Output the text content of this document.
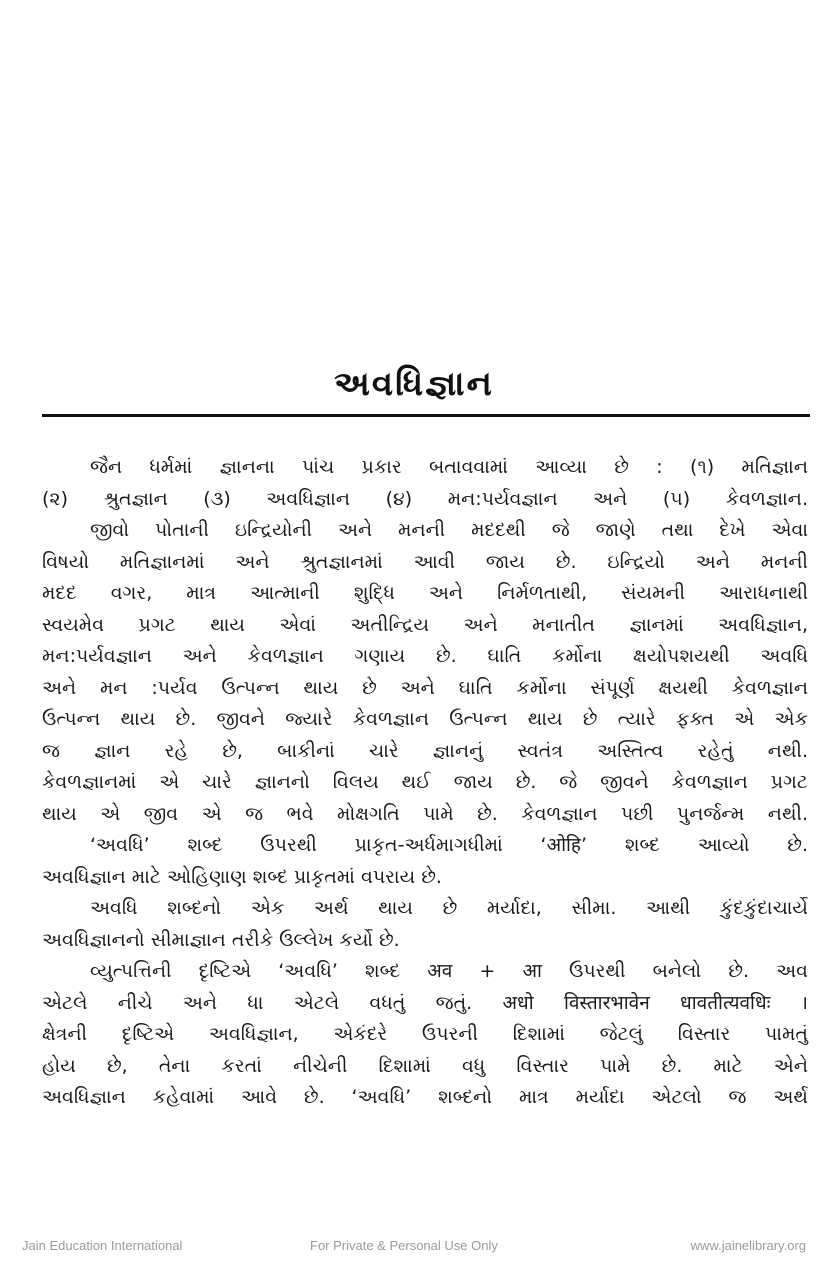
અવધિજ્ઞાન
જૈન ધર્મમાં જ્ઞાનના પાંચ પ્રકાર બતાવવામાં આવ્યા છે : (૧) મતિજ્ઞાન
(૨) શ્રુતજ્ઞાન (૩) અવધિજ્ઞાન (૪) મન:પર્યવજ્ઞાન અને (૫) કેવળજ્ઞાન.
જીવો પોતાની ઇન્દ્રિયોની અને મનની મદદથી જે જાણે તથા દેખે એવા
વિષયો મતિજ્ઞાનમાં અને શ્રુતજ્ઞાનમાં આવી જાય છે. ઇન્દ્રિયો અને મનની
મદદ વગર, માત્ર આત્માની શુદ્ધિ અને નિર્મળતાથી, સંયમની આરાધનાથી
સ્વયમેવ પ્રગટ થાય એવાં અતીન્દ્રિય અને મનાતીત જ્ઞાનમાં અવધિજ્ઞાન,
મન:પર્યવજ્ઞાન અને કેવળજ્ઞાન ગણાય છે. ઘાતિ કર્મોના ક્ષયોપશયથી અવધિ
અને મન :પર્યવ ઉત્પન્ન થાય છે અને ઘાતિ કર્મોના સંપૂર્ણ ક્ષયથી કેવળજ્ઞાન
ઉત્પન્ન થાય છે. જીવને જ્યારે કેવળજ્ઞાન ઉત્પન્ન થાય છે ત્યારે ફક્ત એ એક
જ જ્ઞાન રહે છે, બાકીનાં ચારે જ્ઞાનનું સ્વતંત્ર અસ્તિત્વ રહેતું નથી.
કેવળજ્ઞાનમાં એ ચારે જ્ઞાનનો વિલય થઈ જાય છે. જે જીવને કેવળજ્ઞાન પ્રગટ
થાય એ જીવ એ જ ભવે મોક્ષગતિ પામે છે. કેવળજ્ઞાન પછી પુનર્જન્મ નથી.
‘અવધિ’ શબ્દ ઉપરથી પ્રાકૃત-અર્ધમાગધીમાં ‘ओहि’ શબ્દ આવ્યો છે.
અવધિજ્ઞાન માટે ઓહિણાણ શબ્દ પ્રાકૃતમાં વપરાય છે.
અવધિ શબ્દનો એક અર્થ થાય છે મર્યાદા, સીમા. આથી કુંદકુંદાચાર્યે
અવધિજ્ઞાનનો સીમાજ્ઞાન તરીકે ઉલ્લેખ કર્યો છે.
વ્યુત્પત્તિની દૃષ્ટિએ ‘અવધિ’ શબ્દ अव + आ ઉપરથી બનેલો છે. અવ
એટલે નીચે અને ધા એટલે વધતું જતું. अधो विस्तारभावेन धावतीत्यवधिः ।
ક્ષેત્રની દૃષ્ટિએ અવધિજ્ઞાન, એકંદરે ઉપરની દિશામાં જેટલું વિસ્તાર પામતું
હોય છે, તેના કરતાં નીચેની દિશામાં વધુ વિસ્તાર પામે છે. માટે એને
અવધિજ્ઞાન કહેવામાં આવે છે. ‘અવધિ’ શબ્દનો માત્ર મર્યાદા એટલો જ અર્થ
Jain Education International	For Private & Personal Use Only	www.jainelibrary.org
